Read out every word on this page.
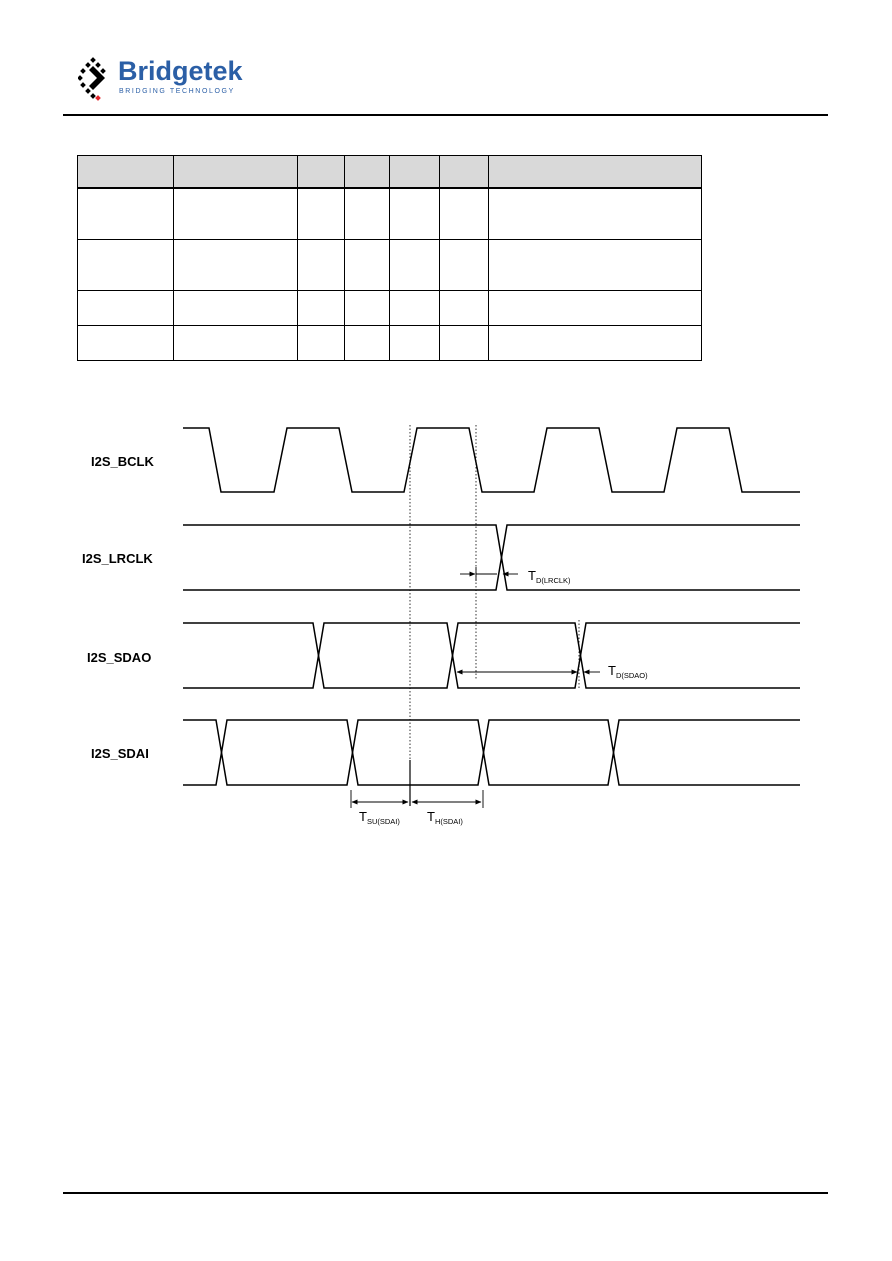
Bridgetek
BRIDGING TECHNOLOGY

I2S_BCLK
I2S_LRCLK
I2S_SDAO
I2S_SDAI
TD(LRCLK)
TD(SDAO)
TSU(SDAI) TH(SDAI)
